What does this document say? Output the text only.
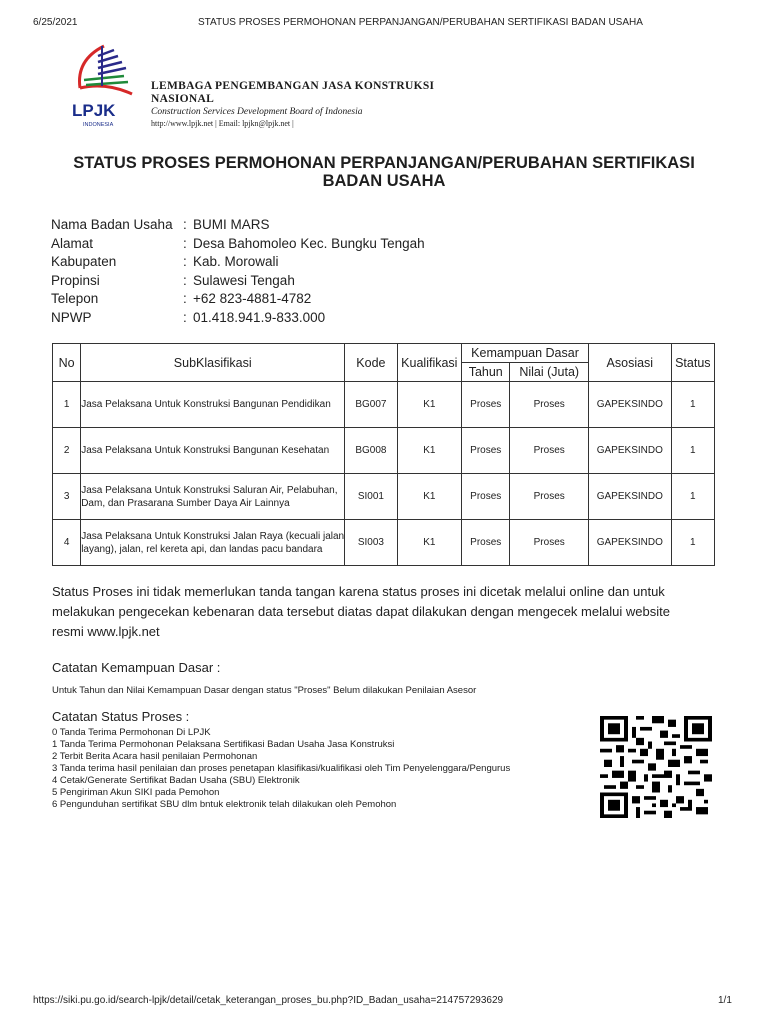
6/25/2021	STATUS PROSES PERMOHONAN PERPANJANGAN/PERUBAHAN SERTIFIKASI BADAN USAHA
LPJK
INDONESIA
LEMBAGA PENGEMBANGAN JASA KONSTRUKSI
NASIONAL
Construction Services Development Board of Indonesia
http://www.lpjk.net | Email: lpjkn@lpjk.net |
STATUS PROSES PERMOHONAN PERPANJANGAN/PERUBAHAN SERTIFIKASI
BADAN USAHA
Nama Badan Usaha : BUMI MARS
Alamat	: Desa Bahomoleo Kec. Bungku Tengah
Kabupaten	: Kab. Morowali
Propinsi	: Sulawesi Tengah
Telepon	: +62 823-4881-4782
NPWP	: 01.418.941.9-833.000
No	SubKlasifikasi	Kode	Kualifikasi	Kemampuan Dasar		Asosiasi	Status
				Tahun	Nilai (Juta)		
1	Jasa Pelaksana Untuk Konstruksi Bangunan Pendidikan	BG007	K1	Proses	Proses	GAPEKSINDO	1
2	Jasa Pelaksana Untuk Konstruksi Bangunan Kesehatan	BG008	K1	Proses	Proses	GAPEKSINDO	1
3	Jasa Pelaksana Untuk Konstruksi Saluran Air, Pelabuhan, Dam, dan Prasarana Sumber Daya Air Lainnya	SI001	K1	Proses	Proses	GAPEKSINDO	1
4	Jasa Pelaksana Untuk Konstruksi Jalan Raya (kecuali jalan layang), jalan, rel kereta api, dan landas pacu bandara	SI003	K1	Proses	Proses	GAPEKSINDO	1
Status Proses ini tidak memerlukan tanda tangan karena status proses ini dicetak melalui online dan untuk melakukan pengecekan kebenaran data tersebut diatas dapat dilakukan dengan mengecek melalui website resmi www.lpjk.net
Catatan Kemampuan Dasar :
Untuk Tahun dan Nilai Kemampuan Dasar dengan status "Proses" Belum dilakukan Penilaian Asesor
Catatan Status Proses :
0 Tanda Terima Permohonan Di LPJK
1 Tanda Terima Permohonan Pelaksana Sertifikasi Badan Usaha Jasa Konstruksi
2 Terbit Berita Acara hasil penilaian Permohonan
3 Tanda terima hasil penilaian dan proses penetapan klasifikasi/kualifikasi oleh Tim Penyelenggara/Pengurus
4 Cetak/Generate Sertifikat Badan Usaha (SBU) Elektronik
5 Pengiriman Akun SIKI pada Pemohon
6 Pengunduhan sertifikat SBU dlm bntuk elektronik telah dilakukan oleh Pemohon
https://siki.pu.go.id/search-lpjk/detail/cetak_keterangan_proses_bu.php?ID_Badan_usaha=214757293629	1/1
